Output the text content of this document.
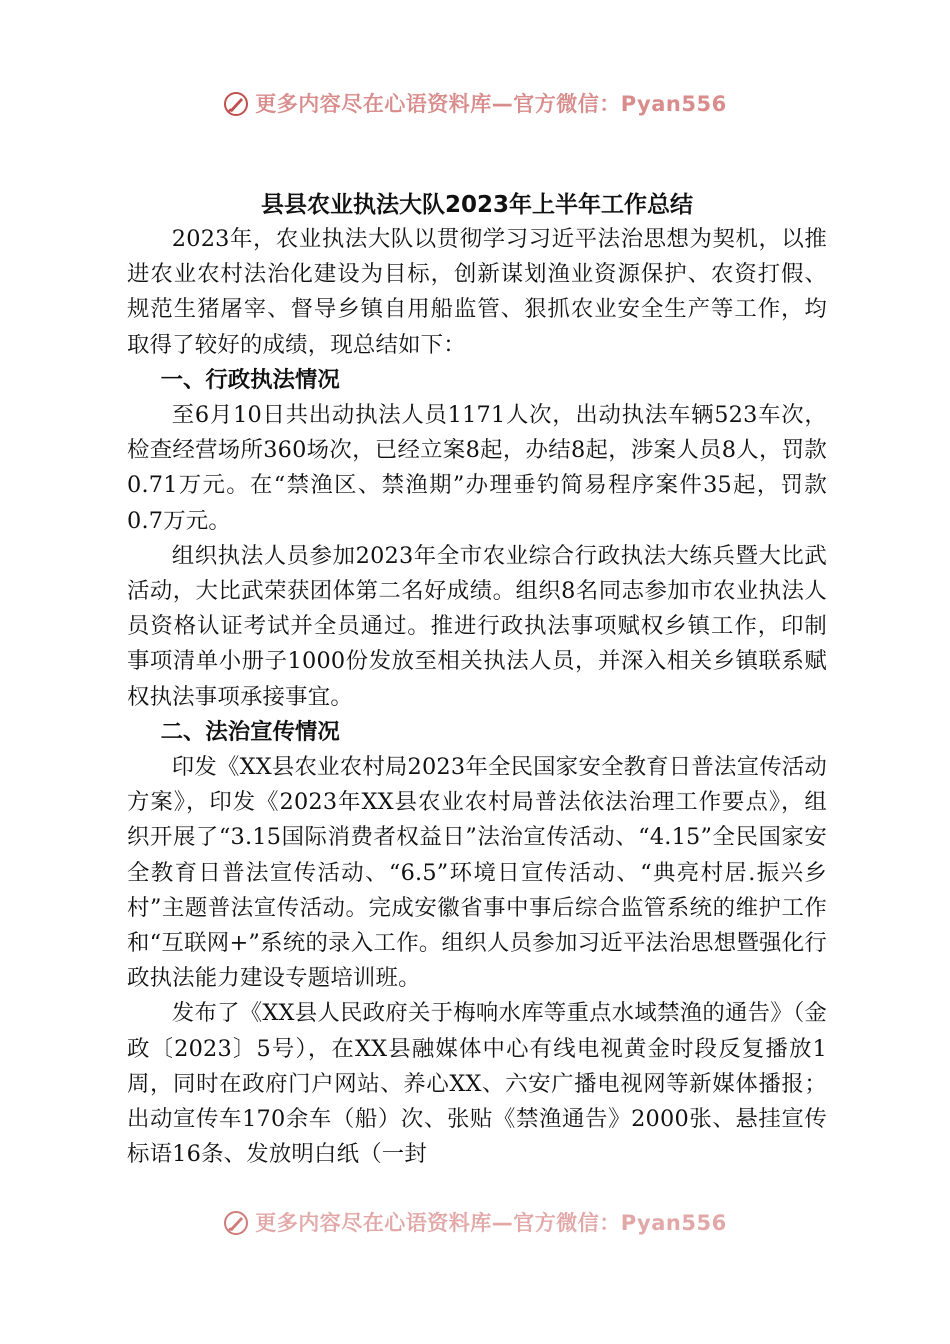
更多内容尽在心语资料库—官方微信：Pyan556
县县农业执法大队2023年上半年工作总结

2023年，农业执法大队以贯彻学习习近平法治思想为契机，以推进农业农村法治化建设为目标，创新谋划渔业资源保护、农资打假、规范生猪屠宰、督导乡镇自用船监管、狠抓农业安全生产等工作，均取得了较好的成绩，现总结如下：

一、行政执法情况

至6月10日共出动执法人员1171人次，出动执法车辆523车次，检查经营场所360场次，已经立案8起，办结8起，涉案人员8人，罚款0.71万元。在“禁渔区、禁渔期”办理垂钓简易程序案件35起，罚款0.7万元。

组织执法人员参加2023年全市农业综合行政执法大练兵暨大比武活动，大比武荣获团体第二名好成绩。组织8名同志参加市农业执法人员资格认证考试并全员通过。推进行政执法事项赋权乡镇工作，印制事项清单小册子1000份发放至相关执法人员，并深入相关乡镇联系赋权执法事项承接事宜。

二、法治宣传情况

印发《XX县农业农村局2023年全民国家安全教育日普法宣传活动方案》，印发《2023年XX县农业农村局普法依法治理工作要点》，组织开展了“3.15国际消费者权益日”法治宣传活动、“4.15”全民国家安全教育日普法宣传活动、“6.5”环境日宣传活动、“典亮村居.振兴乡村”主题普法宣传活动。完成安徽省事中事后综合监管系统的维护工作和“互联网+”系统的录入工作。组织人员参加习近平法治思想暨强化行政执法能力建设专题培训班。

发布了《XX县人民政府关于梅响水库等重点水域禁渔的通告》（金政〔2023〕5号），在XX县融媒体中心有线电视黄金时段反复播放1周，同时在政府门户网站、养心XX、六安广播电视网等新媒体播报；出动宣传车170余车（船）次、张贴《禁渔通告》2000张、悬挂宣传标语16条、发放明白纸（一封

更多内容尽在心语资料库—官方微信：Pyan556
